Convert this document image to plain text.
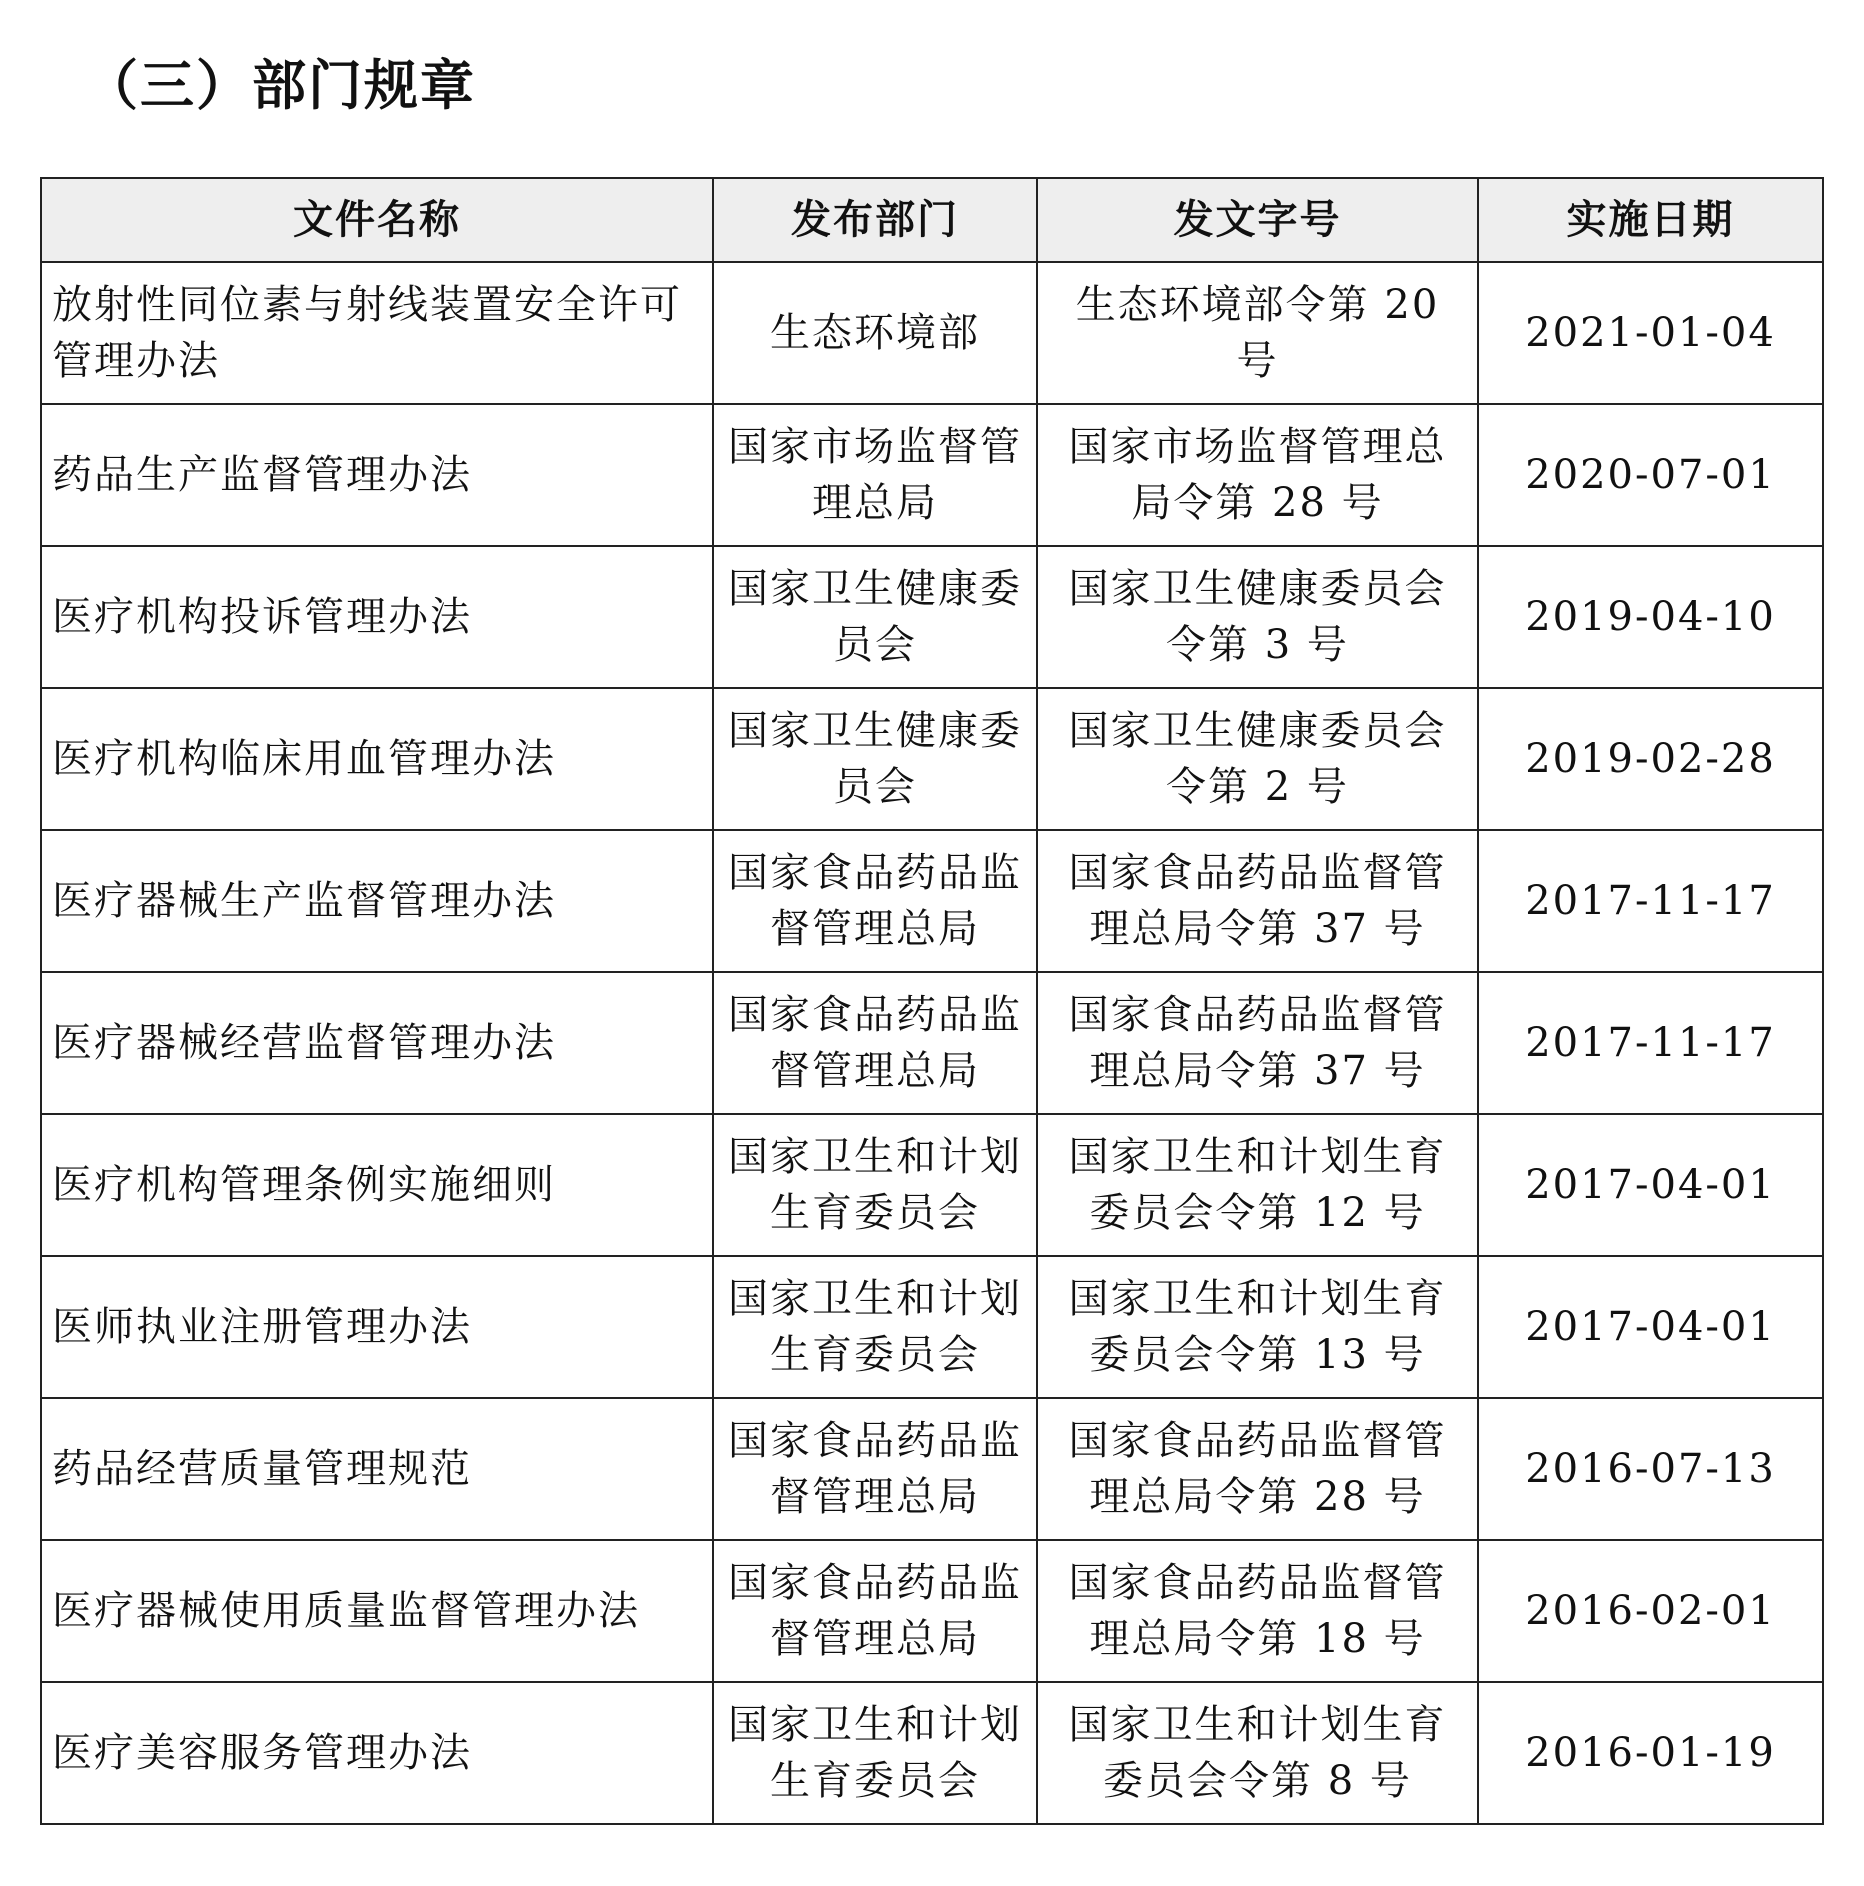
（三）部门规章
文件名称	发布部门	发文字号	实施日期
放射性同位素与射线装置安全许可管理办法	生态环境部	生态环境部令第 20 号	2021-01-04
药品生产监督管理办法	国家市场监督管理总局	国家市场监督管理总局令第 28 号	2020-07-01
医疗机构投诉管理办法	国家卫生健康委员会	国家卫生健康委员会令第 3 号	2019-04-10
医疗机构临床用血管理办法	国家卫生健康委员会	国家卫生健康委员会令第 2 号	2019-02-28
医疗器械生产监督管理办法	国家食品药品监督管理总局	国家食品药品监督管理总局令第 37 号	2017-11-17
医疗器械经营监督管理办法	国家食品药品监督管理总局	国家食品药品监督管理总局令第 37 号	2017-11-17
医疗机构管理条例实施细则	国家卫生和计划生育委员会	国家卫生和计划生育委员会令第 12 号	2017-04-01
医师执业注册管理办法	国家卫生和计划生育委员会	国家卫生和计划生育委员会令第 13 号	2017-04-01
药品经营质量管理规范	国家食品药品监督管理总局	国家食品药品监督管理总局令第 28 号	2016-07-13
医疗器械使用质量监督管理办法	国家食品药品监督管理总局	国家食品药品监督管理总局令第 18 号	2016-02-01
医疗美容服务管理办法	国家卫生和计划生育委员会	国家卫生和计划生育委员会令第 8 号	2016-01-19
